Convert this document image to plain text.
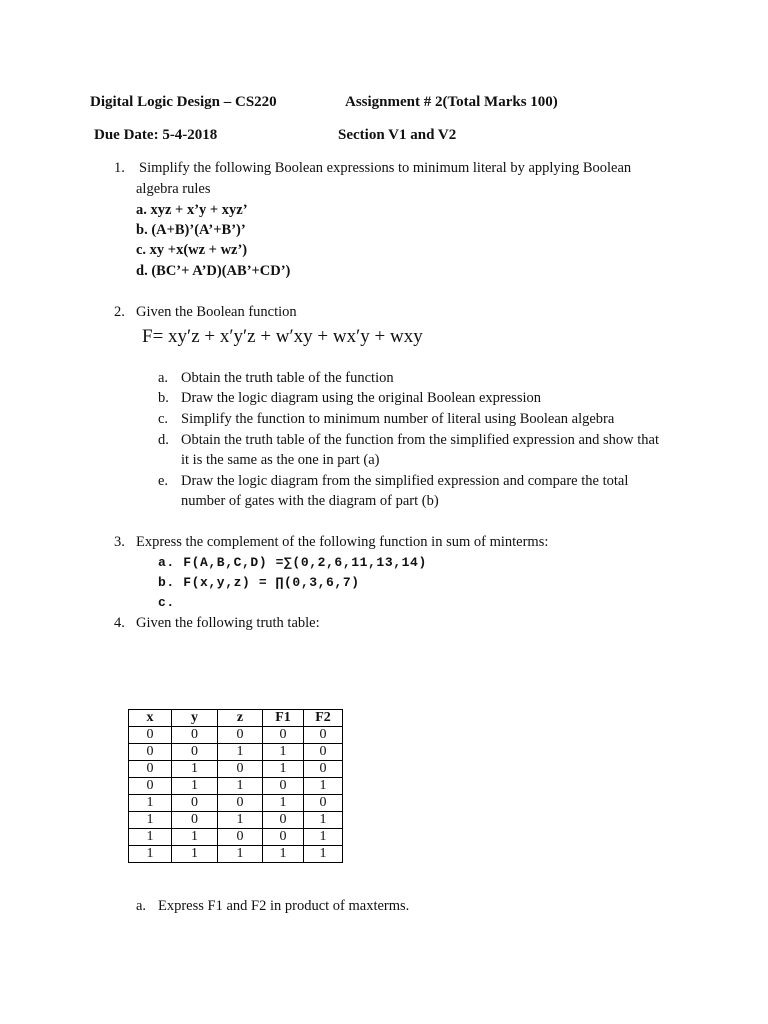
Digital Logic Design – CS220	Assignment # 2(Total Marks 100)
Due Date: 5-4-2018	Section V1 and V2
1. Simplify the following Boolean expressions to minimum literal by applying Boolean
algebra rules
a. xyz + x’y + xyz’
b. (A+B)’(A’+B’)’
c. xy +x(wz + wz’)
d. (BC’+ A’D)(AB’+CD’)
2. Given the Boolean function
F= xy′z + x′y′z + w′xy + wx′y + wxy
a. Obtain the truth table of the function
b. Draw the logic diagram using the original Boolean expression
c. Simplify the function to minimum number of literal using Boolean algebra
d. Obtain the truth table of the function from the simplified expression and show that
it is the same as the one in part (a)
e. Draw the logic diagram from the simplified expression and compare the total
number of gates with the diagram of part (b)
3. Express the complement of the following function in sum of minterms:
a. F(A,B,C,D) =∑(0,2,6,11,13,14)
b. F(x,y,z) = ∏(0,3,6,7)
c.
4. Given the following truth table:
x	y	z	F1	F2
0	0	0	0	0
0	0	1	1	0
0	1	0	1	0
0	1	1	0	1
1	0	0	1	0
1	0	1	0	1
1	1	0	0	1
1	1	1	1	1
a. Express F1 and F2 in product of maxterms.
